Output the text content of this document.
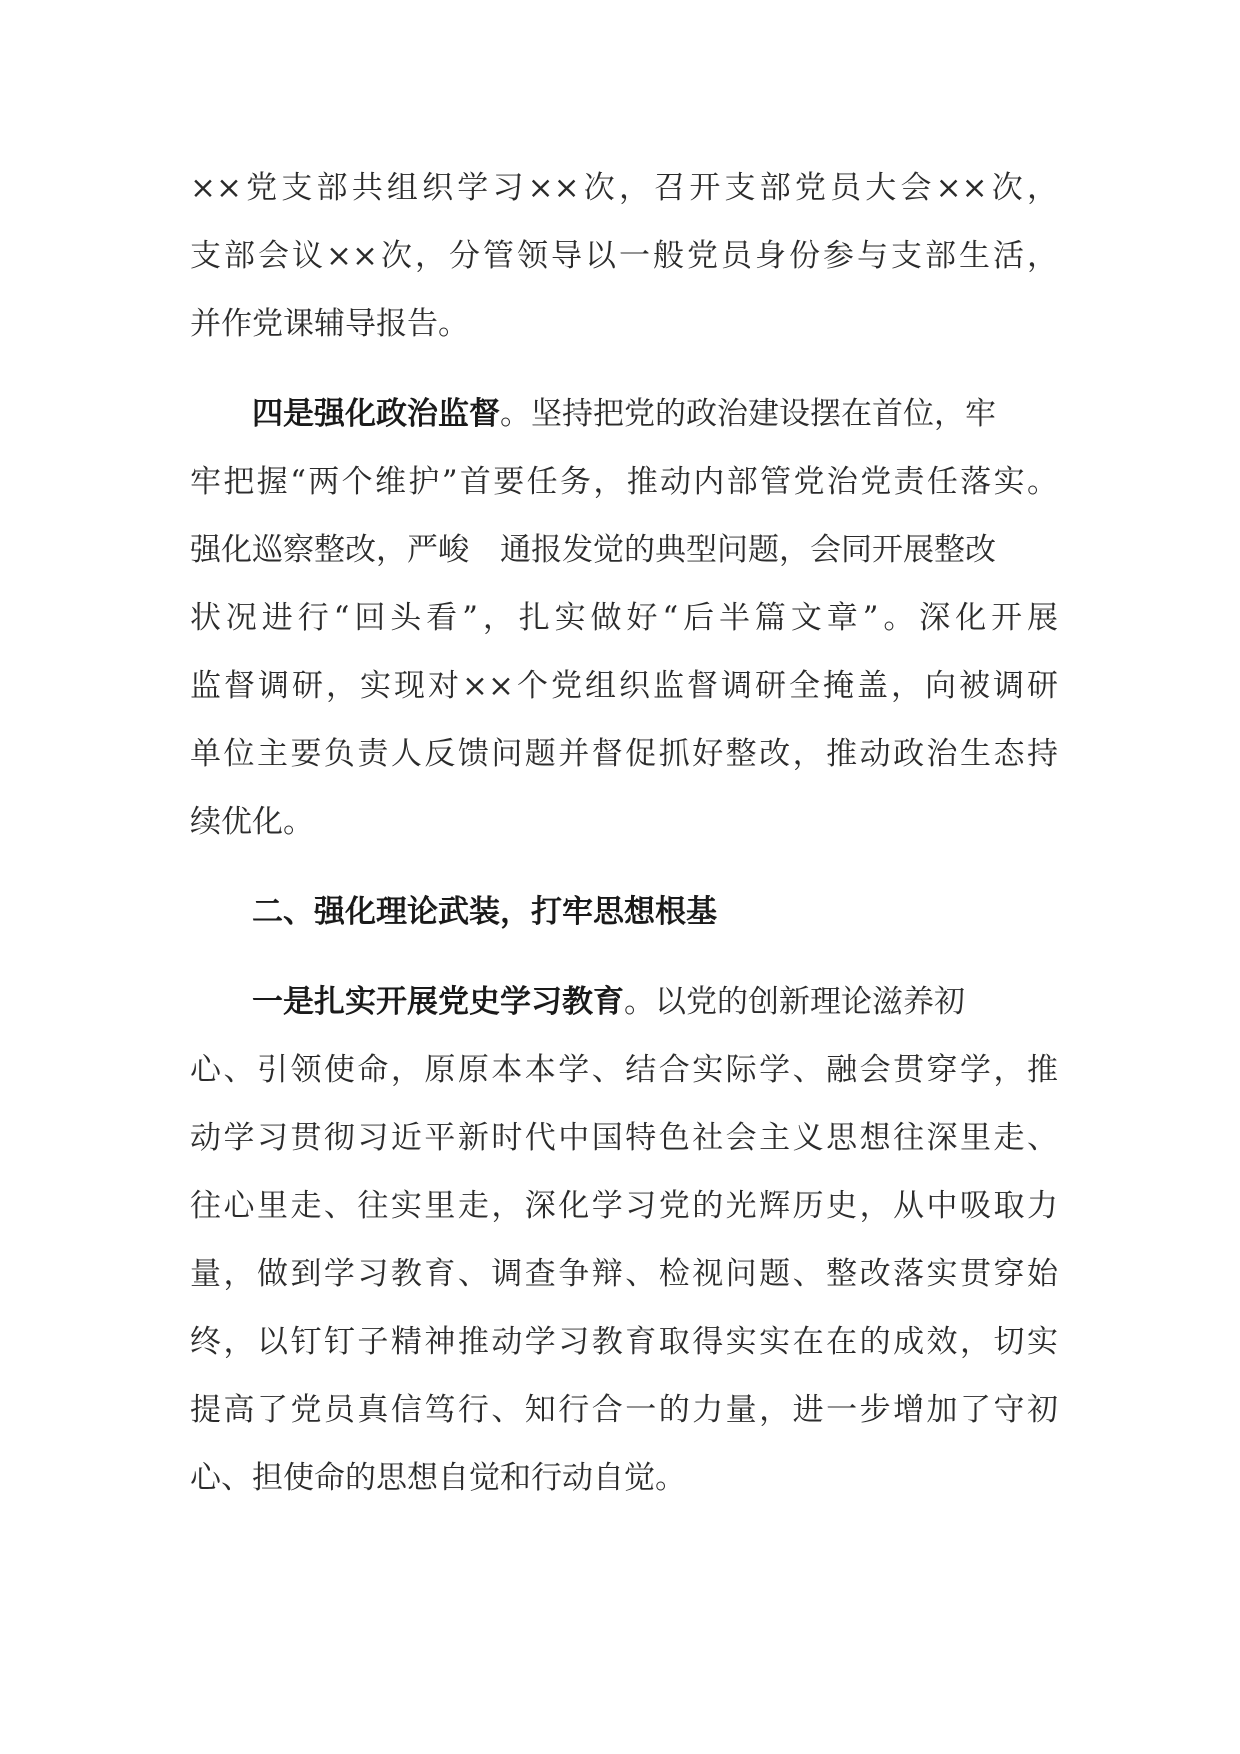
××党支部共组织学习××次，召开支部党员大会××次，
支部会议××次，分管领导以一般党员身份参与支部生活，
并作党课辅导报告。
四是强化政治监督。坚持把党的政治建设摆在首位，牢
牢把握“两个维护”首要任务，推动内部管党治党责任落实。
强化巡察整改，严峻　通报发觉的典型问题，会同开展整改
状况进行“回头看”，扎实做好“后半篇文章”。深化开展
监督调研，实现对××个党组织监督调研全掩盖，向被调研
单位主要负责人反馈问题并督促抓好整改，推动政治生态持
续优化。
二、强化理论武装，打牢思想根基
一是扎实开展党史学习教育。以党的创新理论滋养初
心、引领使命，原原本本学、结合实际学、融会贯穿学，推
动学习贯彻习近平新时代中国特色社会主义思想往深里走、
往心里走、往实里走，深化学习党的光辉历史，从中吸取力
量，做到学习教育、调查争辩、检视问题、整改落实贯穿始
终，以钉钉子精神推动学习教育取得实实在在的成效，切实
提高了党员真信笃行、知行合一的力量，进一步增加了守初
心、担使命的思想自觉和行动自觉。
